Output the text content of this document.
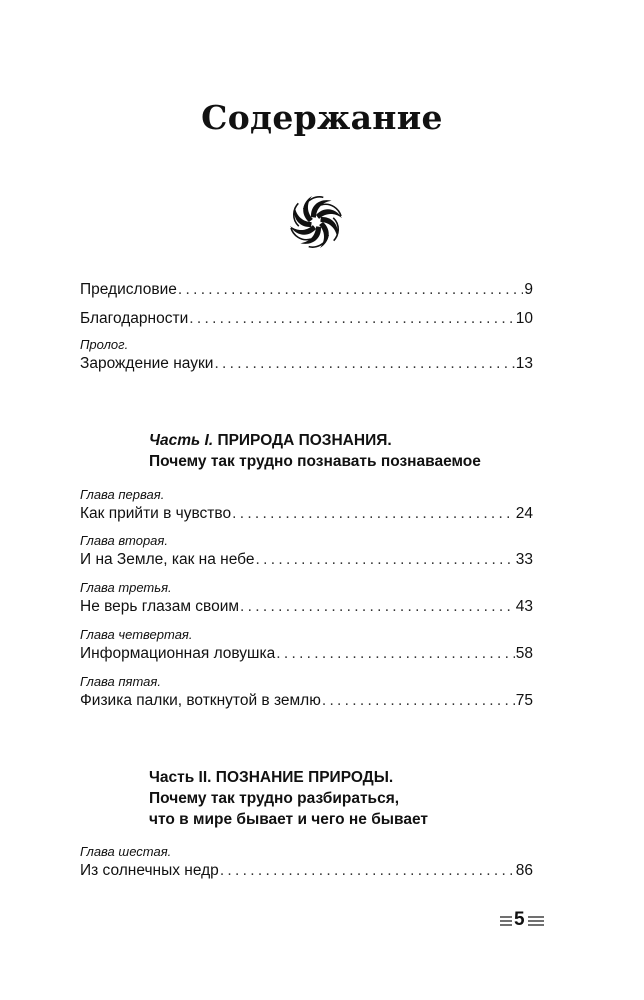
Содержание
Предисловие . . .	9
Благодарности . . .	10
Пролог.
Зарождение науки . . .	13
Часть I. ПРИРОДА ПОЗНАНИЯ.
Почему так трудно познавать познаваемое
Глава первая.
Как прийти в чувство . . .	24
Глава вторая.
И на Земле, как на небе . . .	33
Глава третья.
Не верь глазам своим . . .	43
Глава четвертая.
Информационная ловушка . . .	58
Глава пятая.
Физика палки, воткнутой в землю . . .	75
Часть II. ПОЗНАНИЕ ПРИРОДЫ.
Почему так трудно разбираться,
что в мире бывает и чего не бывает
Глава шестая.
Из солнечных недр . . .	86
5
